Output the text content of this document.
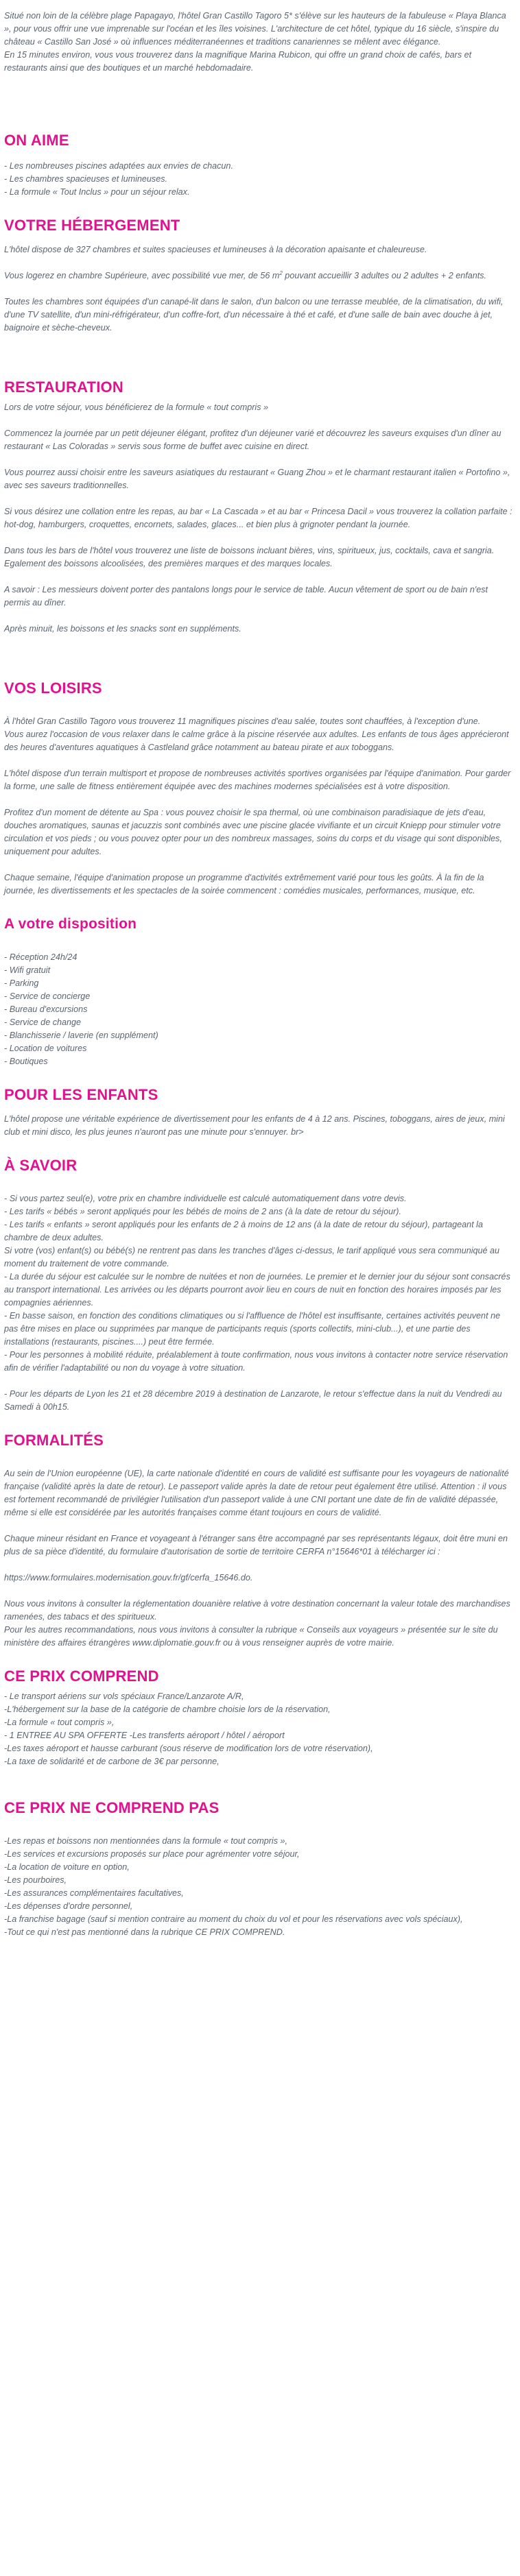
Situé non loin de la célèbre plage Papagayo, l'hôtel Gran Castillo Tagoro 5* s'élève sur les hauteurs de la fabuleuse « Playa Blanca », pour vous offrir une vue imprenable sur l'océan et les îles voisines. L'architecture de cet hôtel, typique du 16 siècle, s'inspire du château « Castillo San José » où influences méditerranéennes et traditions canariennes se mêlent avec élégance.

En 15 minutes environ, vous vous trouverez dans la magnifique Marina Rubicon, qui offre un grand choix de cafés, bars et restaurants ainsi que des boutiques et un marché hebdomadaire.

ON AIME
- Les nombreuses piscines adaptées aux envies de chacun.
- Les chambres spacieuses et lumineuses.
- La formule « Tout Inclus » pour un séjour relax.
VOTRE HÉBERGEMENT

L'hôtel dispose de 327 chambres et suites spacieuses et lumineuses à la décoration apaisante et chaleureuse.

Vous logerez en chambre Supérieure, avec possibilité vue mer, de 56 $m^2$ pouvant accueillir 3 adultes ou 2 adultes + 2 enfants.

Toutes les chambres sont équipées d'un canapé-lit dans le salon, d'un balcon ou une terrasse meublée, de la climatisation, du wifi, d'une TV satellite, d'un mini-réfrigérateur, d'un coffre-fort, d'un nécessaire à thé et café, et d'une salle de bain avec douche à jet, baignoire et sèche-cheveux.

RESTAURATION

Lors de votre séjour, vous bénéficierez de la formule « tout compris »

Commencez la journée par un petit déjeuner élégant, profitez d'un déjeuner varié et découvrez les saveurs exquises d'un dîner au restaurant « Las Coloradas » servis sous forme de buffet avec cuisine en direct.

Vous pourrez aussi choisir entre les saveurs asiatiques du restaurant « Guang Zhou » et le charmant restaurant italien « Portofino », avec ses saveurs traditionnelles.

Si vous désirez une collation entre les repas, au bar « La Cascada » et au bar « Princesa Dacil » vous trouverez la collation parfaite : hot-dog, hamburgers, croquettes, encornets, salades, glaces... et bien plus à grignoter pendant la journée.

Dans tous les bars de l'hôtel vous trouverez une liste de boissons incluant bières, vins, spiritueux, jus, cocktails, cava et sangria. Egalement des boissons alcoolisées, des premières marques et des marques locales.

A savoir : Les messieurs doivent porter des pantalons longs pour le service de table. Aucun vêtement de sport ou de bain n'est permis au dîner.

Après minuit, les boissons et les snacks sont en suppléments.

VOS LOISIRS

À l'hôtel Gran Castillo Tagoro vous trouverez 11 magnifiques piscines d'eau salée, toutes sont chauffées, à l'exception d'une.

Vous aurez l'occasion de vous relaxer dans le calme grâce à la piscine réservée aux adultes. Les enfants de tous âges apprécieront des heures d'aventures aquatiques à Castleland grâce notamment au bateau pirate et aux toboggans.

L'hôtel dispose d'un terrain multisport et propose de nombreuses activités sportives organisées par l'équipe d'animation. Pour garder la forme, une salle de fitness entièrement équipée avec des machines modernes spécialisées est à votre disposition.

Profitez d'un moment de détente au Spa : vous pouvez choisir le spa thermal, où une combinaison paradisiaque de jets d'eau, douches aromatiques, saunas et jacuzzis sont combinés avec une piscine glacée vivifiante et un circuit Kniepp pour stimuler votre circulation et vos pieds ; ou vous pouvez opter pour un des nombreux massages, soins du corps et du visage qui sont disponibles, uniquement pour adultes.

Chaque semaine, l'équipe d'animation propose un programme d'activités extrêmement varié pour tous les goûts. À la fin de la journée, les divertissements et les spectacles de la soirée commencent : comédies musicales, performances, musique, etc.

A votre disposition
- Réception 24h/24
- Wifi gratuit
- Parking
- Service de concierge
- Bureau d'excursions
- Service de change
- Blanchisserie / laverie (en supplément)
- Location de voitures
- Boutiques
POUR LES ENFANTS

L'hôtel propose une véritable expérience de divertissement pour les enfants de 4 à 12 ans. Piscines, toboggans, aires de jeux, mini club et mini disco, les plus jeunes n'auront pas une minute pour s'ennuyer. br>

À SAVOIR
- Si vous partez seul(e), votre prix en chambre individuelle est calculé automatiquement dans votre devis.
- Les tarifs « bébés » seront appliqués pour les bébés de moins de 2 ans (à la date de retour du séjour).
- Les tarifs « enfants » seront appliqués pour les enfants de 2 à moins de 12 ans (à la date de retour du séjour), partageant la chambre de deux adultes.
Si votre (vos) enfant(s) ou bébé(s) ne rentrent pas dans les tranches d'âges ci-dessus, le tarif appliqué vous sera communiqué au moment du traitement de votre commande.
- La durée du séjour est calculée sur le nombre de nuitées et non de journées. Le premier et le dernier jour du séjour sont consacrés au transport international. Les arrivées ou les départs pourront avoir lieu en cours de nuit en fonction des horaires imposés par les compagnies aériennes.
- En basse saison, en fonction des conditions climatiques ou si l'affluence de l'hôtel est insuffisante, certaines activités peuvent ne pas être mises en place ou supprimées par manque de participants requis (sports collectifs, mini-club...), et une partie des installations (restaurants, piscines....) peut être fermée.
- Pour les personnes à mobilité réduite, préalablement à toute confirmation, nous vous invitons à contacter notre service réservation afin de vérifier l'adaptabilité ou non du voyage à votre situation.

- Pour les départs de Lyon les 21 et 28 décembre 2019 à destination de Lanzarote, le retour s'effectue dans la nuit du Vendredi au Samedi à 00h15.

FORMALITÉS

Au sein de l'Union européenne (UE), la carte nationale d'identité en cours de validité est suffisante pour les voyageurs de nationalité française (validité après la date de retour). Le passeport valide après la date de retour peut également être utilisé. Attention : il vous est fortement recommandé de privilégier l'utilisation d'un passeport valide à une CNI portant une date de fin de validité dépassée, même si elle est considérée par les autorités françaises comme étant toujours en cours de validité.

Chaque mineur résidant en France et voyageant à l'étranger sans être accompagné par ses représentants légaux, doit être muni en plus de sa pièce d'identité, du formulaire d'autorisation de sortie de territoire CERFA n°15646*01 à télécharger ici :

https://www.formulaires.modernisation.gouv.fr/gf/cerfa_15646.do.

Nous vous invitons à consulter la réglementation douanière relative à votre destination concernant la valeur totale des marchandises ramenées, des tabacs et des spiritueux.

Pour les autres recommandations, nous vous invitons à consulter la rubrique « Conseils aux voyageurs » présentée sur le site du ministère des affaires étrangères www.diplomatie.gouv.fr ou à vous renseigner auprès de votre mairie.

CE PRIX COMPREND
- Le transport aériens sur vols spéciaux France/Lanzarote A/R,
-L'hébergement sur la base de la catégorie de chambre choisie lors de la réservation,
-La formule « tout compris »,
- 1 ENTREE AU SPA OFFERTE -Les transferts aéroport / hôtel / aéroport
-Les taxes aéroport et hausse carburant (sous réserve de modification lors de votre réservation),
-La taxe de solidarité et de carbone de 3€ par personne,
CE PRIX NE COMPREND PAS
-Les repas et boissons non mentionnées dans la formule « tout compris »,
-Les services et excursions proposés sur place pour agrémenter votre séjour,
-La location de voiture en option,
-Les pourboires,
-Les assurances complémentaires facultatives,
-Les dépenses d'ordre personnel,
-La franchise bagage (sauf si mention contraire au moment du choix du vol et pour les réservations avec vols spéciaux),
-Tout ce qui n'est pas mentionné dans la rubrique CE PRIX COMPREND.
